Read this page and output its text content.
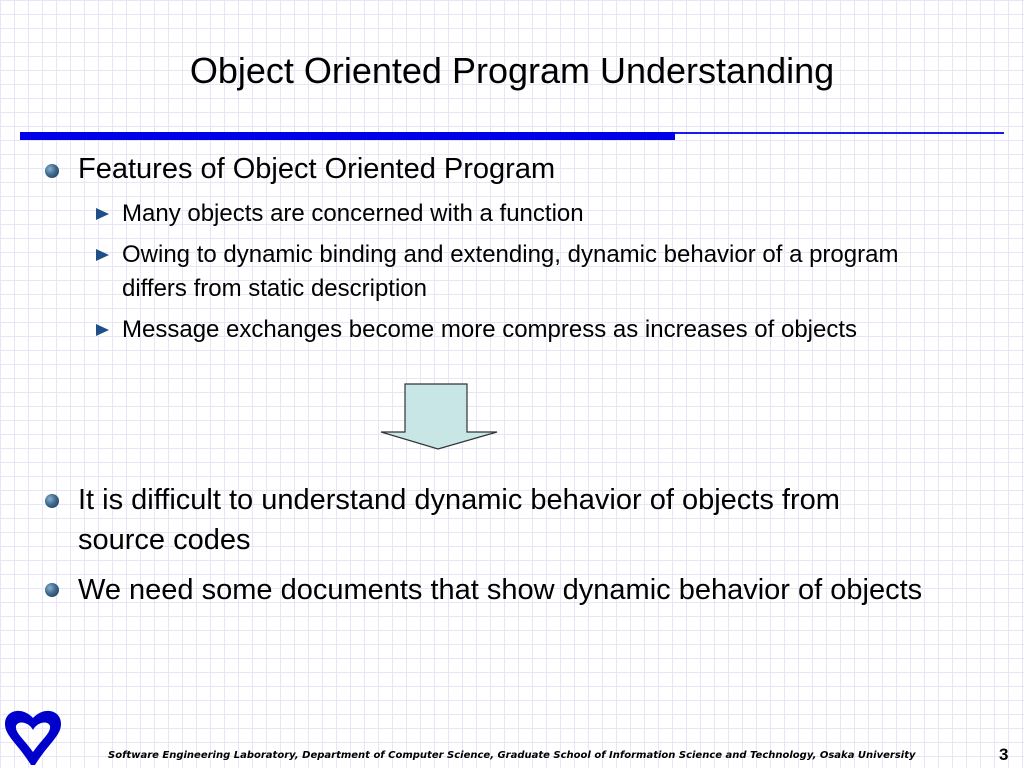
Object Oriented Program Understanding
Features of Object Oriented Program
Many objects are concerned with a function
Owing to dynamic binding and extending, dynamic behavior of a program differs from static description
Message exchanges become more compress as increases of objects
It is difficult to understand dynamic behavior of objects from source codes
We need some documents that show dynamic behavior of objects
Software Engineering Laboratory, Department of Computer Science, Graduate School of Information Science and Technology, Osaka University	3
